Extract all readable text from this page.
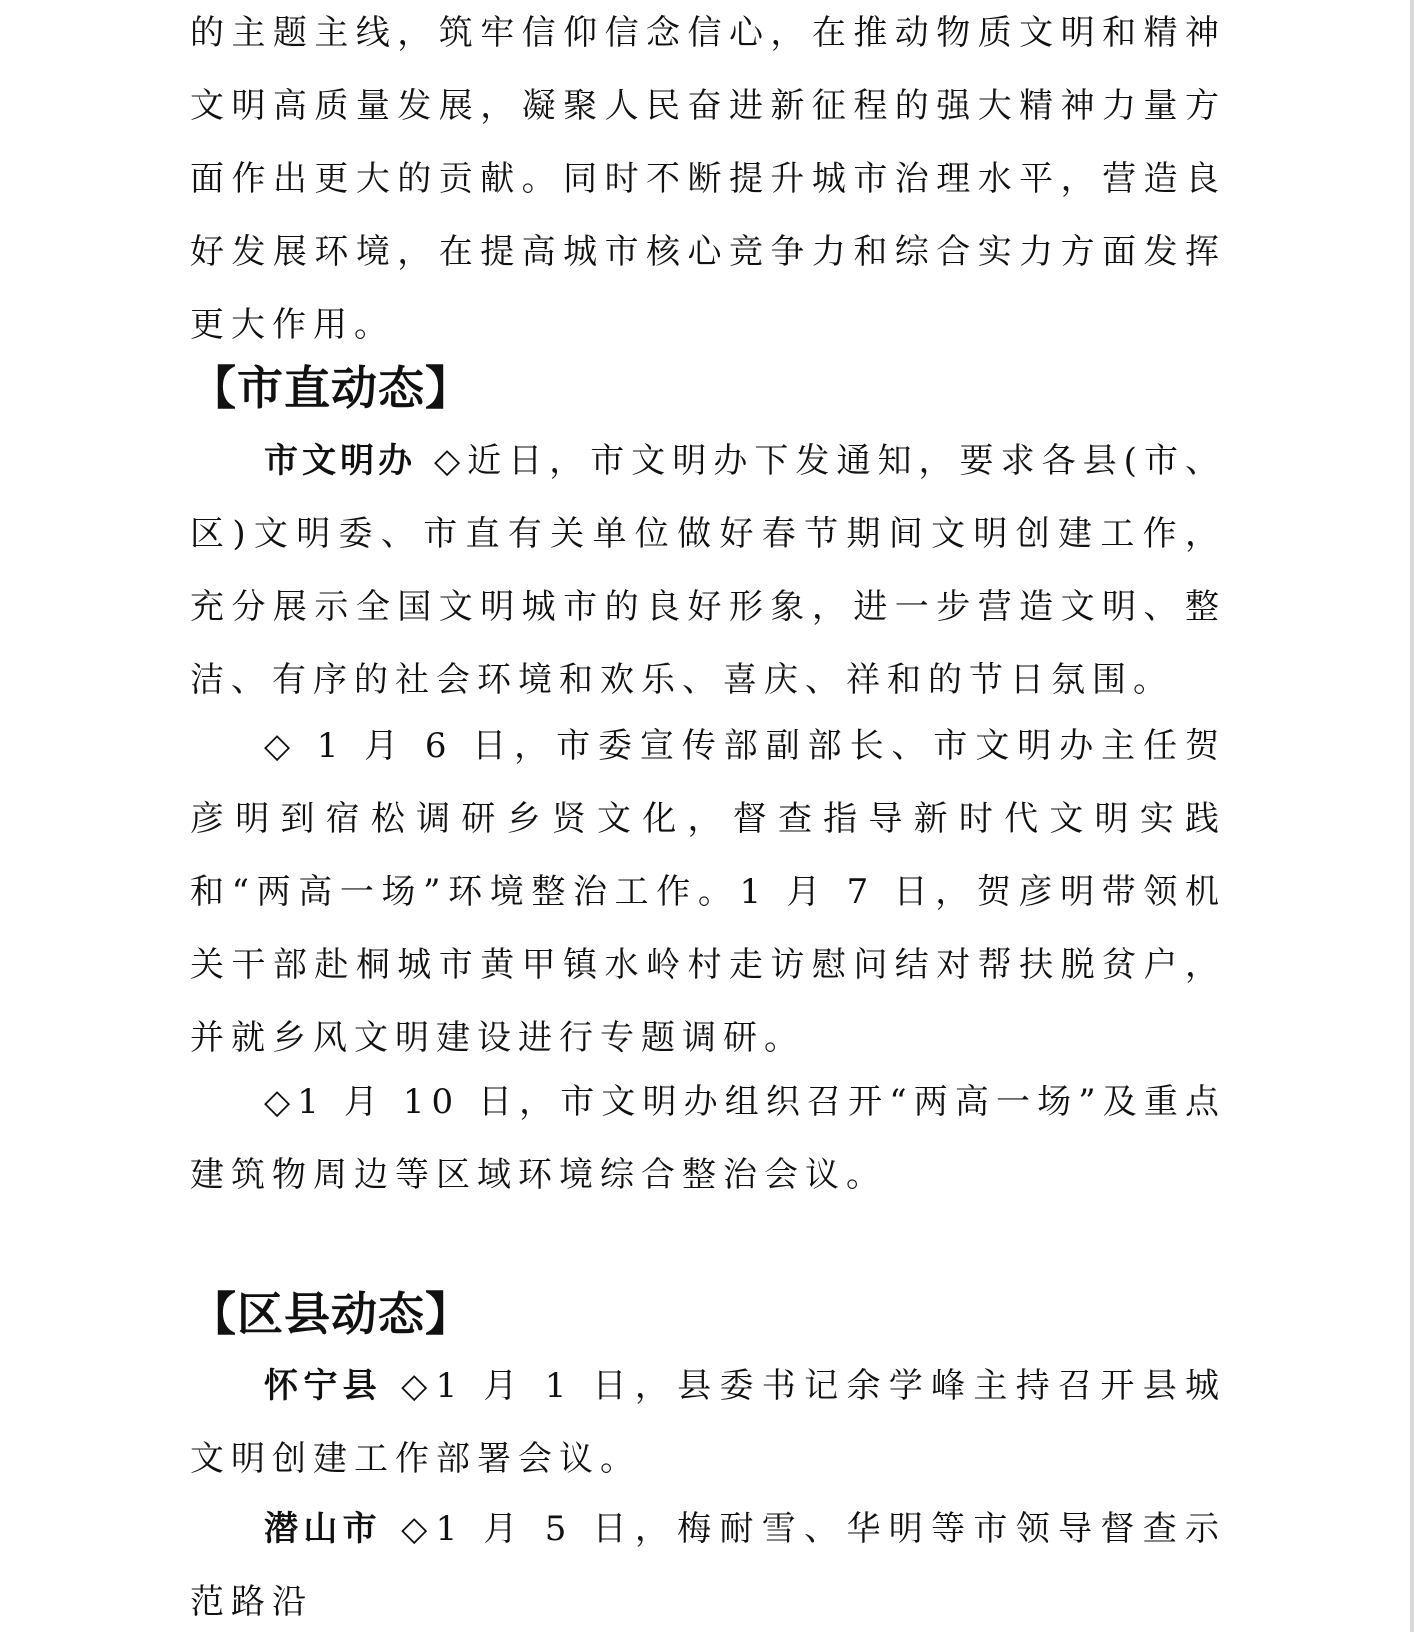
的主题主线，筑牢信仰信念信心，在推动物质文明和精神文明高质量发展，凝聚人民奋进新征程的强大精神力量方面作出更大的贡献。同时不断提升城市治理水平，营造良好发展环境，在提高城市核心竞争力和综合实力方面发挥更大作用。

【市直动态】

市文明办 ◇近日，市文明办下发通知，要求各县(市、区)文明委、市直有关单位做好春节期间文明创建工作，充分展示全国文明城市的良好形象，进一步营造文明、整洁、有序的社会环境和欢乐、喜庆、祥和的节日氛围。

◇ 1 月 6 日，市委宣传部副部长、市文明办主任贺彦明到宿松调研乡贤文化，督查指导新时代文明实践和“两高一场”环境整治工作。1 月 7 日，贺彦明带领机关干部赴桐城市黄甲镇水岭村走访慰问结对帮扶脱贫户，并就乡风文明建设进行专题调研。

◇1 月 10 日，市文明办组织召开“两高一场”及重点建筑物周边等区域环境综合整治会议。

【区县动态】

怀宁县 ◇1 月 1 日，县委书记余学峰主持召开县城文明创建工作部署会议。

潜山市 ◇1 月 5 日，梅耐雪、华明等市领导督查示范路沿
